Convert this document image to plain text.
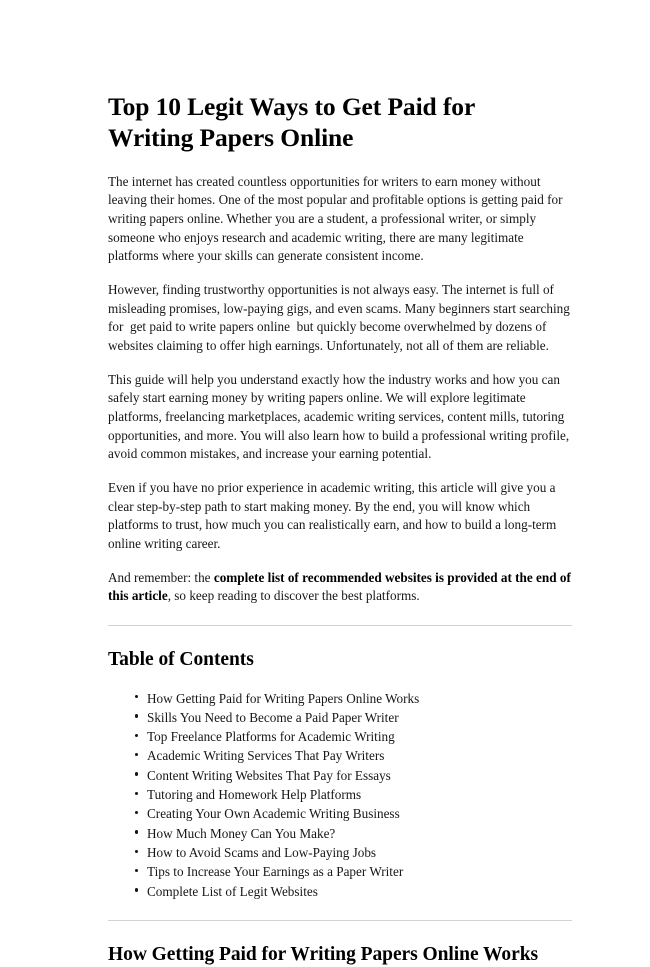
Top 10 Legit Ways to Get Paid for Writing Papers Online

The internet has created countless opportunities for writers to earn money without leaving their homes. One of the most popular and profitable options is getting paid for writing papers online. Whether you are a student, a professional writer, or simply someone who enjoys research and academic writing, there are many legitimate platforms where your skills can generate consistent income.

However, finding trustworthy opportunities is not always easy. The internet is full of misleading promises, low-paying gigs, and even scams. Many beginners start searching for  get paid to write papers online  but quickly become overwhelmed by dozens of websites claiming to offer high earnings. Unfortunately, not all of them are reliable.

This guide will help you understand exactly how the industry works and how you can safely start earning money by writing papers online. We will explore legitimate platforms, freelancing marketplaces, academic writing services, content mills, tutoring opportunities, and more. You will also learn how to build a professional writing profile, avoid common mistakes, and increase your earning potential.

Even if you have no prior experience in academic writing, this article will give you a clear step-by-step path to start making money. By the end, you will know which platforms to trust, how much you can realistically earn, and how to build a long-term online writing career.

And remember: the complete list of recommended websites is provided at the end of this article, so keep reading to discover the best platforms.

Table of Contents
How Getting Paid for Writing Papers Online Works
Skills You Need to Become a Paid Paper Writer
Top Freelance Platforms for Academic Writing
Academic Writing Services That Pay Writers
Content Writing Websites That Pay for Essays
Tutoring and Homework Help Platforms
Creating Your Own Academic Writing Business
How Much Money Can You Make?
How to Avoid Scams and Low-Paying Jobs
Tips to Increase Your Earnings as a Paper Writer
Complete List of Legit Websites
How Getting Paid for Writing Papers Online Works
